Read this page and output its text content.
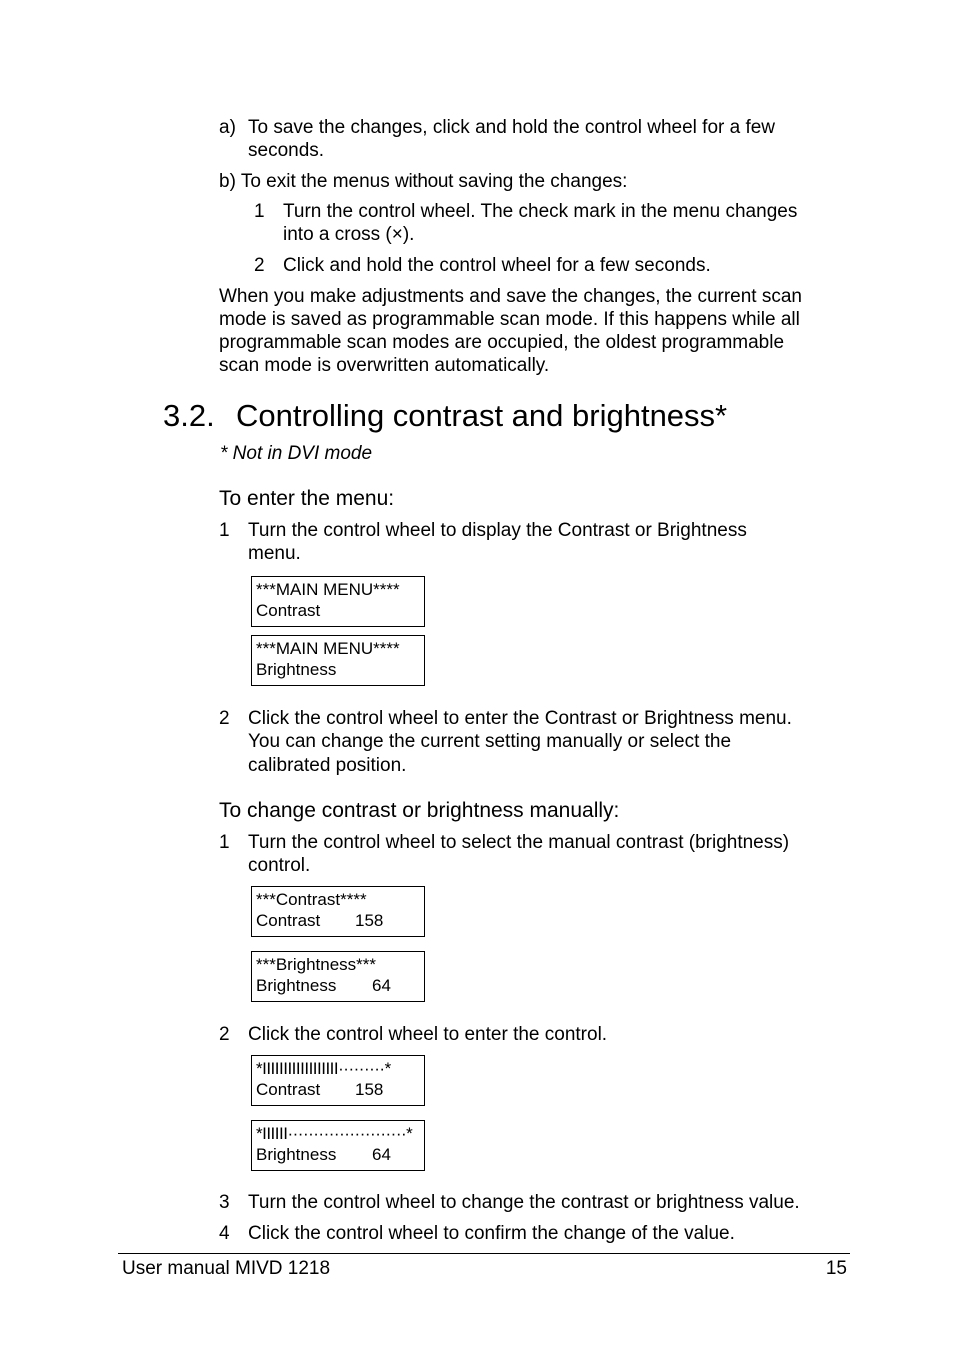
a) To save the changes, click and hold the control wheel for a few
seconds.
b) To exit the menus without saving the changes:
1 Turn the control wheel. The check mark in the menu changes
into a cross (×).
2 Click and hold the control wheel for a few seconds.
When you make adjustments and save the changes, the current scan
mode is saved as programmable scan mode. If this happens while all
programmable scan modes are occupied, the oldest programmable
scan mode is overwritten automatically.
3.2. Controlling contrast and brightness*
* Not in DVI mode
To enter the menu:
1 Turn the control wheel to display the Contrast or Brightness
menu.
***MAIN MENU****
Contrast
***MAIN MENU****
Brightness
2 Click the control wheel to enter the Contrast or Brightness menu.
You can change the current setting manually or select the
calibrated position.
To change contrast or brightness manually:
1 Turn the control wheel to select the manual contrast (brightness)
control.
***Contrast****
Contrast 158
***Brightness***
Brightness 64
2 Click the control wheel to enter the control.
*IIIIIIIIIIIIIIIIII·········*
Contrast 158
*IIIIII·······················*
Brightness 64
3 Turn the control wheel to change the contrast or brightness value.
4 Click the control wheel to confirm the change of the value.
User manual MIVD 1218	15
